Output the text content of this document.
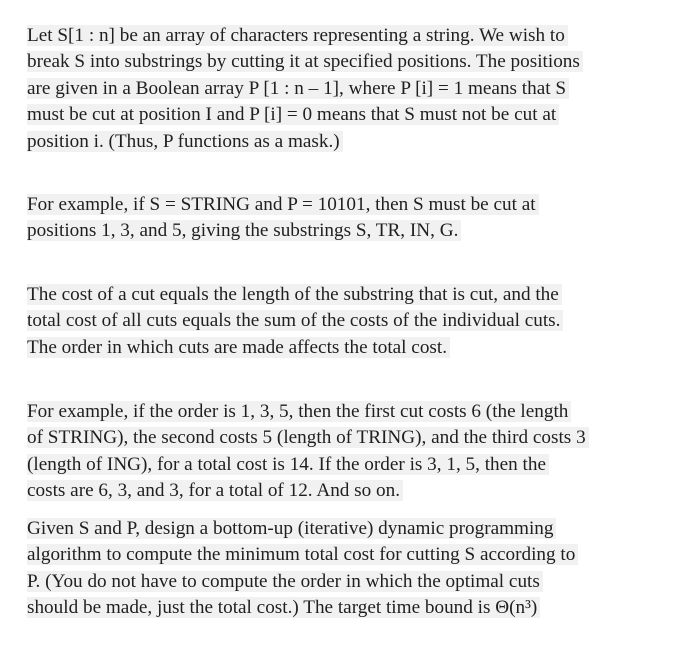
Let S[1 : n] be an array of characters representing a string. We wish to
break S into substrings by cutting it at specified positions. The positions
are given in a Boolean array P [1 : n – 1], where P [i] = 1 means that S
must be cut at position I and P [i] = 0 means that S must not be cut at
position i. (Thus, P functions as a mask.)
For example, if S = STRING and P = 10101, then S must be cut at
positions 1, 3, and 5, giving the substrings S, TR, IN, G.
The cost of a cut equals the length of the substring that is cut, and the
total cost of all cuts equals the sum of the costs of the individual cuts.
The order in which cuts are made affects the total cost.
For example, if the order is 1, 3, 5, then the first cut costs 6 (the length
of STRING), the second costs 5 (length of TRING), and the third costs 3
(length of ING), for a total cost is 14. If the order is 3, 1, 5, then the
costs are 6, 3, and 3, for a total of 12. And so on.
Given S and P, design a bottom-up (iterative) dynamic programming
algorithm to compute the minimum total cost for cutting S according to
P. (You do not have to compute the order in which the optimal cuts
should be made, just the total cost.) The target time bound is Θ(n³)
